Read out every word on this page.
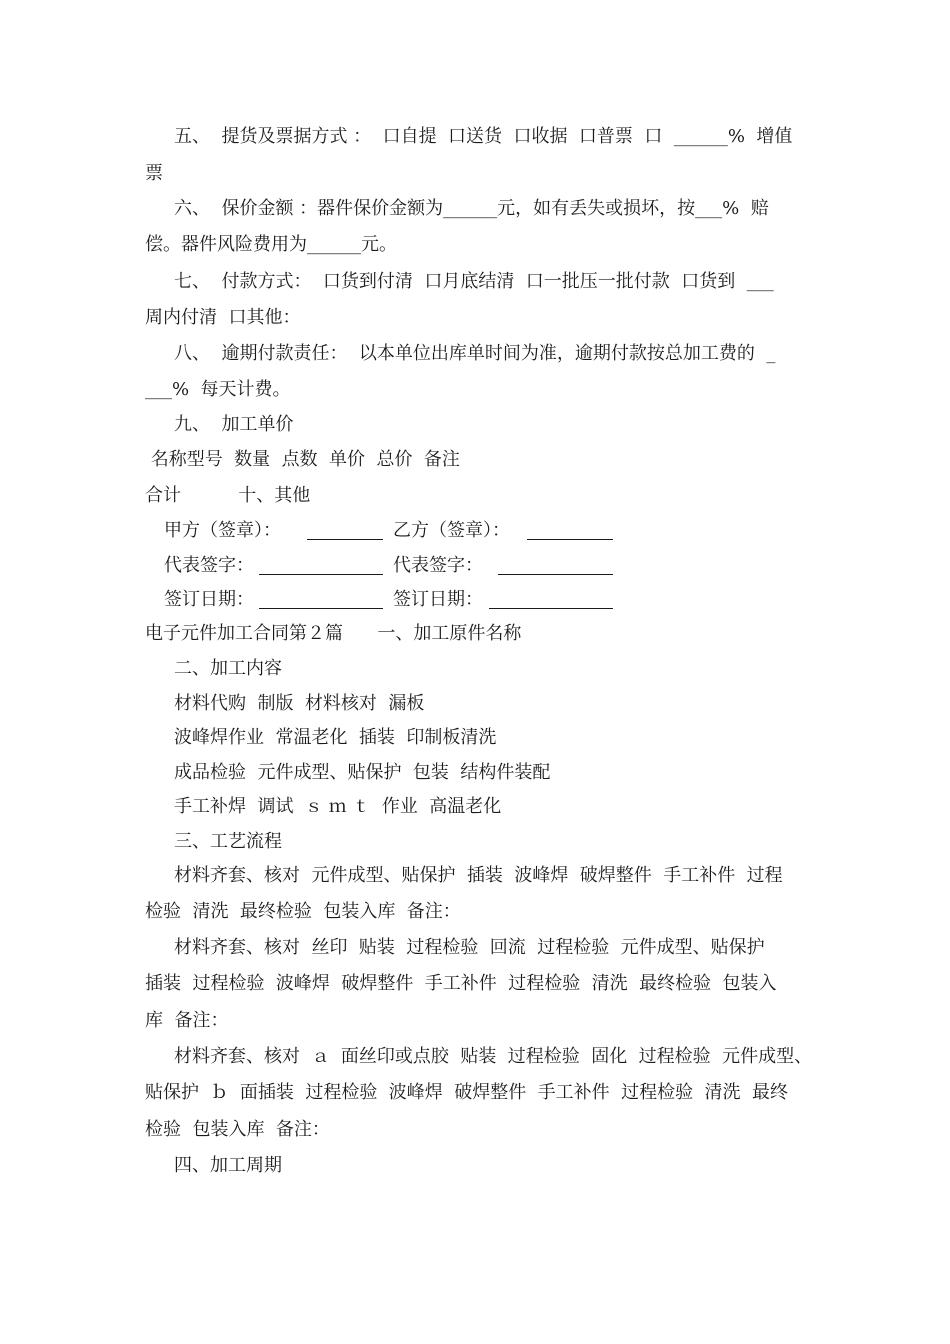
五、  提货及票据方式 ：  口自提  口送货  口收据  口普票  口  ______%  增值
票
六、  保价金额 ：器件保价金额为______元，如有丢失或损坏，按___%  赔
偿。器件风险费用为______元。
七、  付款方式：  口货到付清  口月底结清  口一批压一批付款  口货到  ___
周内付清  口其他：
八、  逾期付款责任：  以本单位出库单时间为准，逾期付款按总加工费的  _
___%  每天计费。
九、  加工单价
名称型号  数量  点数  单价  总价  备注
合计          十、其他
甲方（签章）：	乙方（签章）：
代表签字：	代表签字：
签订日期：	签订日期：
电子元件加工合同第２篇      一、加工原件名称
二、加工内容
材料代购  制版  材料核对  漏板
波峰焊作业  常温老化  插装  印制板清洗
成品检验  元件成型、贴保护  包装  结构件装配
手工补焊  调试  ｓ ｍ ｔ  作业  高温老化
三、工艺流程
材料齐套、核对  元件成型、贴保护  插装  波峰焊  破焊整件  手工补件  过程
检验  清洗  最终检验  包装入库  备注：
材料齐套、核对  丝印  贴装  过程检验  回流  过程检验  元件成型、贴保护
插装  过程检验  波峰焊  破焊整件  手工补件  过程检验  清洗  最终检验  包装入
库  备注：
材料齐套、核对  ａ  面丝印或点胶  贴装  过程检验  固化  过程检验  元件成型、
贴保护  ｂ  面插装  过程检验  波峰焊  破焊整件  手工补件  过程检验  清洗  最终
检验  包装入库  备注：
四、加工周期
